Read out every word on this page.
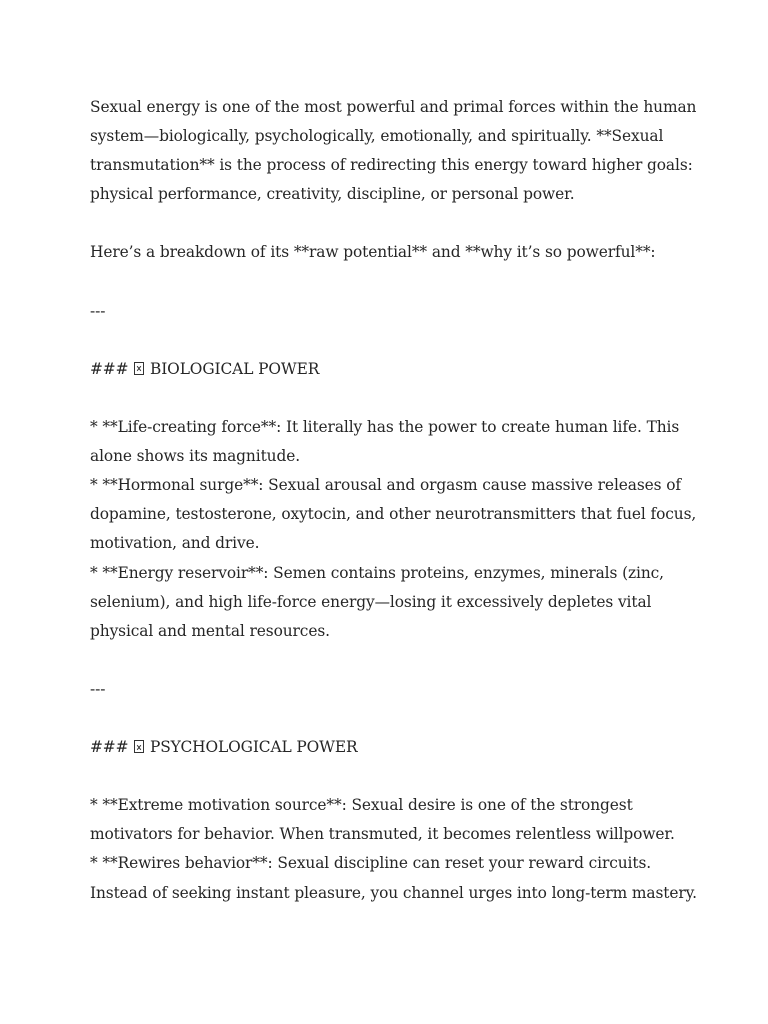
Sexual energy is one of the most powerful and primal forces within the human
system—biologically, psychologically, emotionally, and spiritually. **Sexual
transmutation** is the process of redirecting this energy toward higher goals:
physical performance, creativity, discipline, or personal power.
Here’s a breakdown of its **raw potential** and **why it’s so powerful**:
---
### BIOLOGICAL POWER
* **Life-creating force**: It literally has the power to create human life. This
alone shows its magnitude.
* **Hormonal surge**: Sexual arousal and orgasm cause massive releases of
dopamine, testosterone, oxytocin, and other neurotransmitters that fuel focus,
motivation, and drive.
* **Energy reservoir**: Semen contains proteins, enzymes, minerals (zinc,
selenium), and high life-force energy—losing it excessively depletes vital
physical and mental resources.
---
### PSYCHOLOGICAL POWER
* **Extreme motivation source**: Sexual desire is one of the strongest
motivators for behavior. When transmuted, it becomes relentless willpower.
* **Rewires behavior**: Sexual discipline can reset your reward circuits.
Instead of seeking instant pleasure, you channel urges into long-term mastery.
